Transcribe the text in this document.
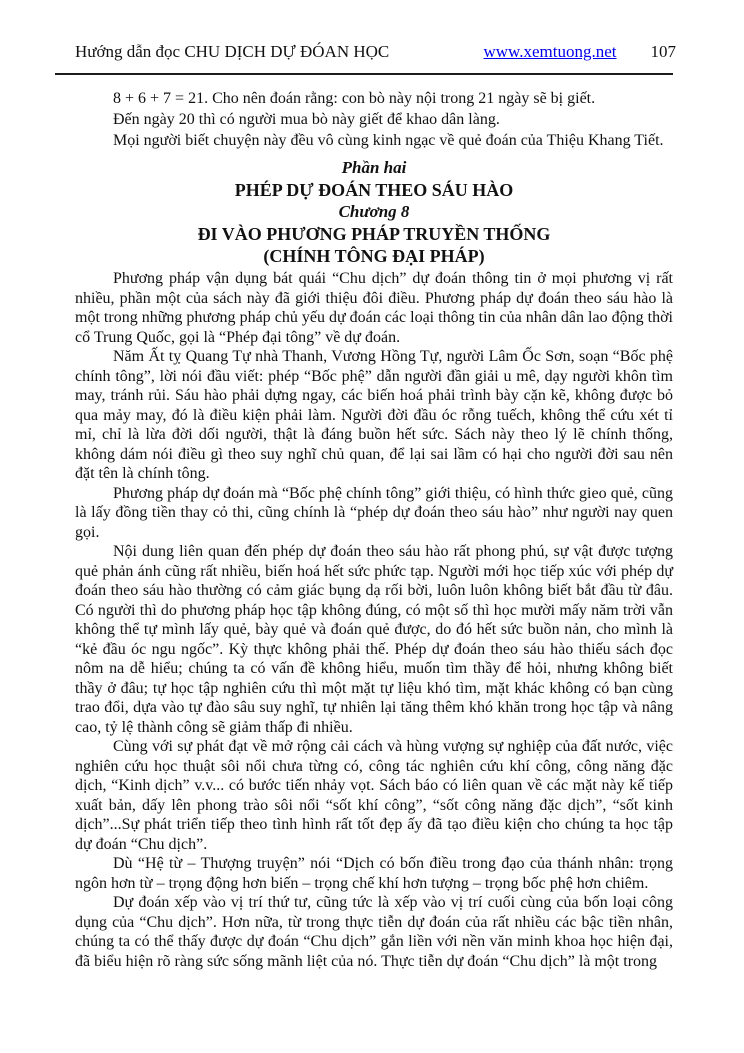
Hướng dẫn đọc CHU DỊCH DỰ ĐÓAN HỌC	www.xemtuong.net 107

8 + 6 + 7 = 21. Cho nên đoán rằng: con bò này nội trong 21 ngày sẽ bị giết.

Đến ngày 20 thì có người mua bò này giết để khao dân làng.

Mọi người biết chuyện này đều vô cùng kinh ngạc về quẻ đoán của Thiệu Khang Tiết.

Phần hai
PHÉP DỰ ĐOÁN THEO SÁU HÀO
Chương 8
ĐI VÀO PHƯƠNG PHÁP TRUYỀN THỐNG
(CHÍNH TÔNG ĐẠI PHÁP)

Phương pháp vận dụng bát quái “Chu dịch” dự đoán thông tin ở mọi phương vị rất nhiều, phần một của sách này đã giới thiệu đôi điều. Phương pháp dự đoán theo sáu hào là một trong những phương pháp chủ yếu dự đoán các loại thông tin của nhân dân lao động thời cổ Trung Quốc, gọi là “Phép đại tông” về dự đoán.

Năm Ất tỵ Quang Tự nhà Thanh, Vương Hồng Tự, người Lâm Ốc Sơn, soạn “Bốc phệ chính tông”, lời nói đầu viết: phép “Bốc phệ” dẫn người đần giải u mê, dạy người khôn tìm may, tránh rủi. Sáu hào phải dựng ngay, các biến hoá phải trình bày cặn kẽ, không được bỏ qua mảy may, đó là điều kiện phải làm. Người đời đầu óc rỗng tuếch, không thể cứu xét tỉ mỉ, chỉ là lừa đời dối người, thật là đáng buồn hết sức. Sách này theo lý lẽ chính thống, không dám nói điều gì theo suy nghĩ chủ quan, để lại sai lầm có hại cho người đời sau nên đặt tên là chính tông.

Phương pháp dự đoán mà “Bốc phệ chính tông” giới thiệu, có hình thức gieo quẻ, cũng là lấy đồng tiền thay cỏ thi, cũng chính là “phép dự đoán theo sáu hào” như người nay quen gọi.

Nội dung liên quan đến phép dự đoán theo sáu hào rất phong phú, sự vật được tượng quẻ phản ánh cũng rất nhiều, biến hoá hết sức phức tạp. Người mới học tiếp xúc với phép dự đoán theo sáu hào thường có cảm giác bụng dạ rối bời, luôn luôn không biết bắt đầu từ đâu. Có người thì do phương pháp học tập không đúng, có một số thì học mười mấy năm trời vẫn không thể tự mình lấy quẻ, bày quẻ và đoán quẻ được, do đó hết sức buồn nản, cho mình là “kẻ đầu óc ngu ngốc”. Kỳ thực không phải thế. Phép dự đoán theo sáu hào thiếu sách đọc nôm na dễ hiểu; chúng ta có vấn đề không hiểu, muốn tìm thầy để hỏi, nhưng không biết thầy ở đâu; tự học tập nghiên cứu thì một mặt tự liệu khó tìm, mặt khác không có bạn cùng trao đổi, dựa vào tự đào sâu suy nghĩ, tự nhiên lại tăng thêm khó khăn trong học tập và nâng cao, tỷ lệ thành công sẽ giảm thấp đi nhiều.

Cùng với sự phát đạt về mở rộng cải cách và hùng vượng sự nghiệp của đất nước, việc nghiên cứu học thuật sôi nổi chưa từng có, công tác nghiên cứu khí công, công năng đặc dịch, “Kinh dịch” v.v... có bước tiến nhảy vọt. Sách báo có liên quan về các mặt này kế tiếp xuất bản, dấy lên phong trào sôi nổi “sốt khí công”, “sốt công năng đặc dịch”, “sốt kinh dịch”...Sự phát triển tiếp theo tình hình rất tốt đẹp ấy đã tạo điều kiện cho chúng ta học tập dự đoán “Chu dịch”.

Dù “Hệ từ – Thượng truyện” nói “Dịch có bốn điều trong đạo của thánh nhân: trọng ngôn hơn từ – trọng động hơn biến – trọng chế khí hơn tượng – trọng bốc phệ hơn chiêm.

Dự đoán xếp vào vị trí thứ tư, cũng tức là xếp vào vị trí cuối cùng của bốn loại công dụng của “Chu dịch”. Hơn nữa, từ trong thực tiễn dự đoán của rất nhiều các bậc tiền nhân, chúng ta có thể thấy được dự đoán “Chu dịch” gắn liền với nền văn minh khoa học hiện đại, đã biểu hiện rõ ràng sức sống mãnh liệt của nó. Thực tiễn dự đoán “Chu dịch” là một trong
